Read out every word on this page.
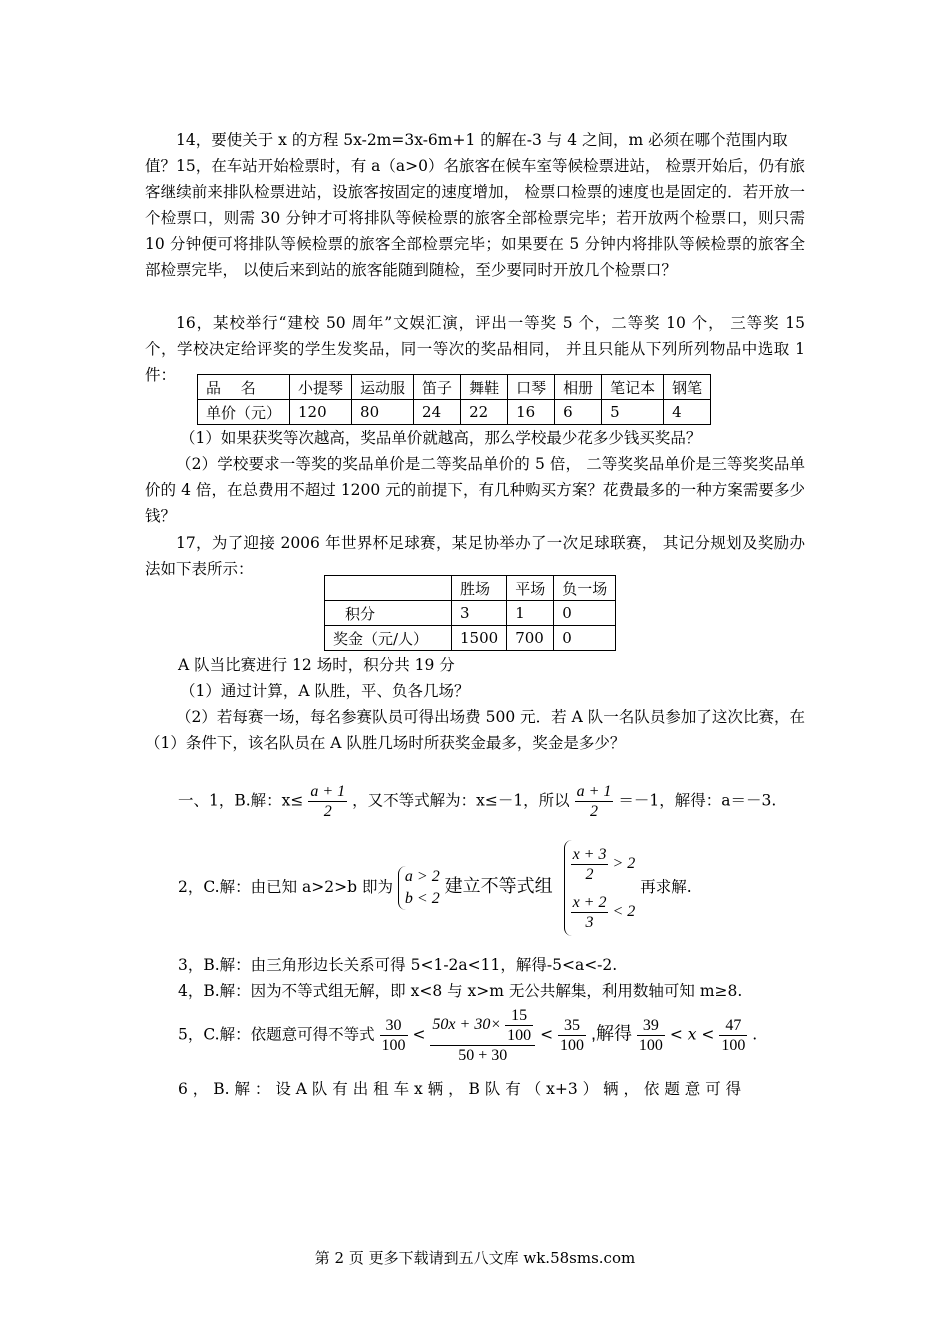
14，要使关于 x 的方程 5x-2m=3x-6m+1 的解在-3 与 4 之间，m 必须在哪个范围内取值？ 15，在车站开始检票时，有 a（a>0）名旅客在候车室等候检票进站， 检票开始后，仍有旅客继续前来排队检票进站，设旅客按固定的速度增加， 检票口检票的速度也是固定的．若开放一个检票口，则需 30 分钟才可将排队等候检票的旅客全部检票完毕；若开放两个检票口，则只需 10 分钟便可将排队等候检票的旅客全部检票完毕；如果要在 5 分钟内将排队等候检票的旅客全部检票完毕， 以使后来到站的旅客能随到随检，至少要同时开放几个检票口？
16，某校举行“建校 50 周年”文娱汇演，评出一等奖 5 个，二等奖 10 个， 三等奖 15 个，学校决定给评奖的学生发奖品，同一等次的奖品相同， 并且只能从下列所列物品中选取 1 件：
品　 名	小提琴	运动服	笛子	舞鞋	口琴	相册	笔记本	钢笔
单价（元）	120	80	24	22	16	6	5	4
（1）如果获奖等次越高，奖品单价就越高，那么学校最少花多少钱买奖品？
（2）学校要求一等奖的奖品单价是二等奖品单价的 5 倍， 二等奖奖品单价是三等奖奖品单价的 4 倍，在总费用不超过 1200 元的前提下，有几种购买方案？花费最多的一种方案需要多少钱？
17，为了迎接 2006 年世界杯足球赛，某足协举办了一次足球联赛， 其记分规划及奖励办法如下表所示：
	胜场	平场	负一场
积分	3	1	0
奖金（元/人）	1500	700	0
A 队当比赛进行 12 场时，积分共 19 分
（1）通过计算，A 队胜，平、负各几场？
（2）若每赛一场，每名参赛队员可得出场费 500 元．若 A 队一名队员参加了这次比赛，在（1）条件下，该名队员在 A 队胜几场时所获奖金最多，奖金是多少？
一、1，B.解：$x\le \frac{a + 1}{2}$ ，又不等式解为：x≤－1，所以 $\frac{a + 1}{2} =-1$，解得：a＝－3.
2，C.解：由已知 a>2>b 即为
a > 2
b < 2
建立不等式组
$\frac{x + 3}{2} > 2$
$\frac{x + 2}{3} < 2$
再求解.
3，B.解：由三角形边长关系可得 5<1-2a<11，解得-5<a<-2.
4，B.解：因为不等式组无解，即 x<8 与 x>m 无公共解集，利用数轴可知 m≥8.
5，C.解：依题意可得不等式 $\frac{30}{100} < \frac{50x + 30\times \frac{15}{100}}{50 + 30} < \frac{35}{100}$ ,解得 $\frac{39}{100} < x < \frac{47}{100}$ .
6 ， B. 解 ： 设 A 队 有 出 租 车 x 辆 ， B 队 有 （ x+3 ） 辆 ， 依 题 意 可 得
第 2 页 更多下载请到五八文库 wk.58sms.com
